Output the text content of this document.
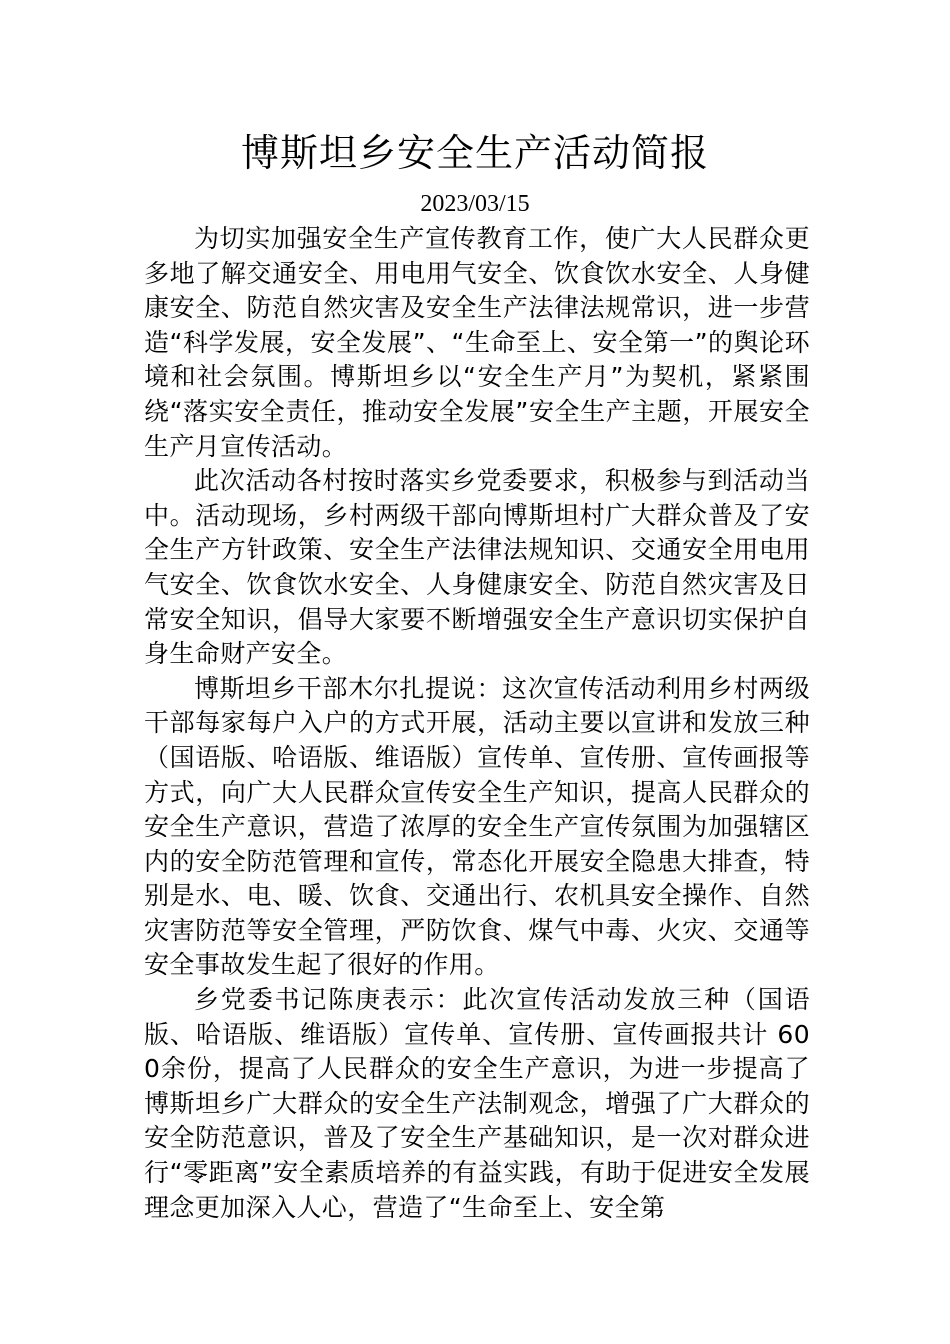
博斯坦乡安全生产活动简报
2023/03/15

为切实加强安全生产宣传教育工作，使广大人民群众更多地了解交通安全、用电用气安全、饮食饮水安全、人身健康安全、防范自然灾害及安全生产法律法规常识，进一步营造“科学发展，安全发展”、“生命至上、安全第一”的舆论环境和社会氛围。博斯坦乡以“安全生产月”为契机，紧紧围绕“落实安全责任，推动安全发展”安全生产主题，开展安全生产月宣传活动。

此次活动各村按时落实乡党委要求，积极参与到活动当中。活动现场，乡村两级干部向博斯坦村广大群众普及了安全生产方针政策、安全生产法律法规知识、交通安全用电用气安全、饮食饮水安全、人身健康安全、防范自然灾害及日常安全知识，倡导大家要不断增强安全生产意识切实保护自身生命财产安全。

博斯坦乡干部木尔扎提说：这次宣传活动利用乡村两级干部每家每户入户的方式开展，活动主要以宣讲和发放三种（国语版、哈语版、维语版）宣传单、宣传册、宣传画报等方式，向广大人民群众宣传安全生产知识，提高人民群众的安全生产意识，营造了浓厚的安全生产宣传氛围为加强辖区内的安全防范管理和宣传，常态化开展安全隐患大排查，特别是水、电、暖、饮食、交通出行、农机具安全操作、自然灾害防范等安全管理，严防饮食、煤气中毒、火灾、交通等安全事故发生起了很好的作用。

乡党委书记陈庚表示：此次宣传活动发放三种（国语版、哈语版、维语版）宣传单、宣传册、宣传画报共计 600余份，提高了人民群众的安全生产意识，为进一步提高了博斯坦乡广大群众的安全生产法制观念，增强了广大群众的安全防范意识，普及了安全生产基础知识，是一次对群众进行“零距离”安全素质培养的有益实践，有助于促进安全发展理念更加深入人心，营造了“生命至上、安全第
